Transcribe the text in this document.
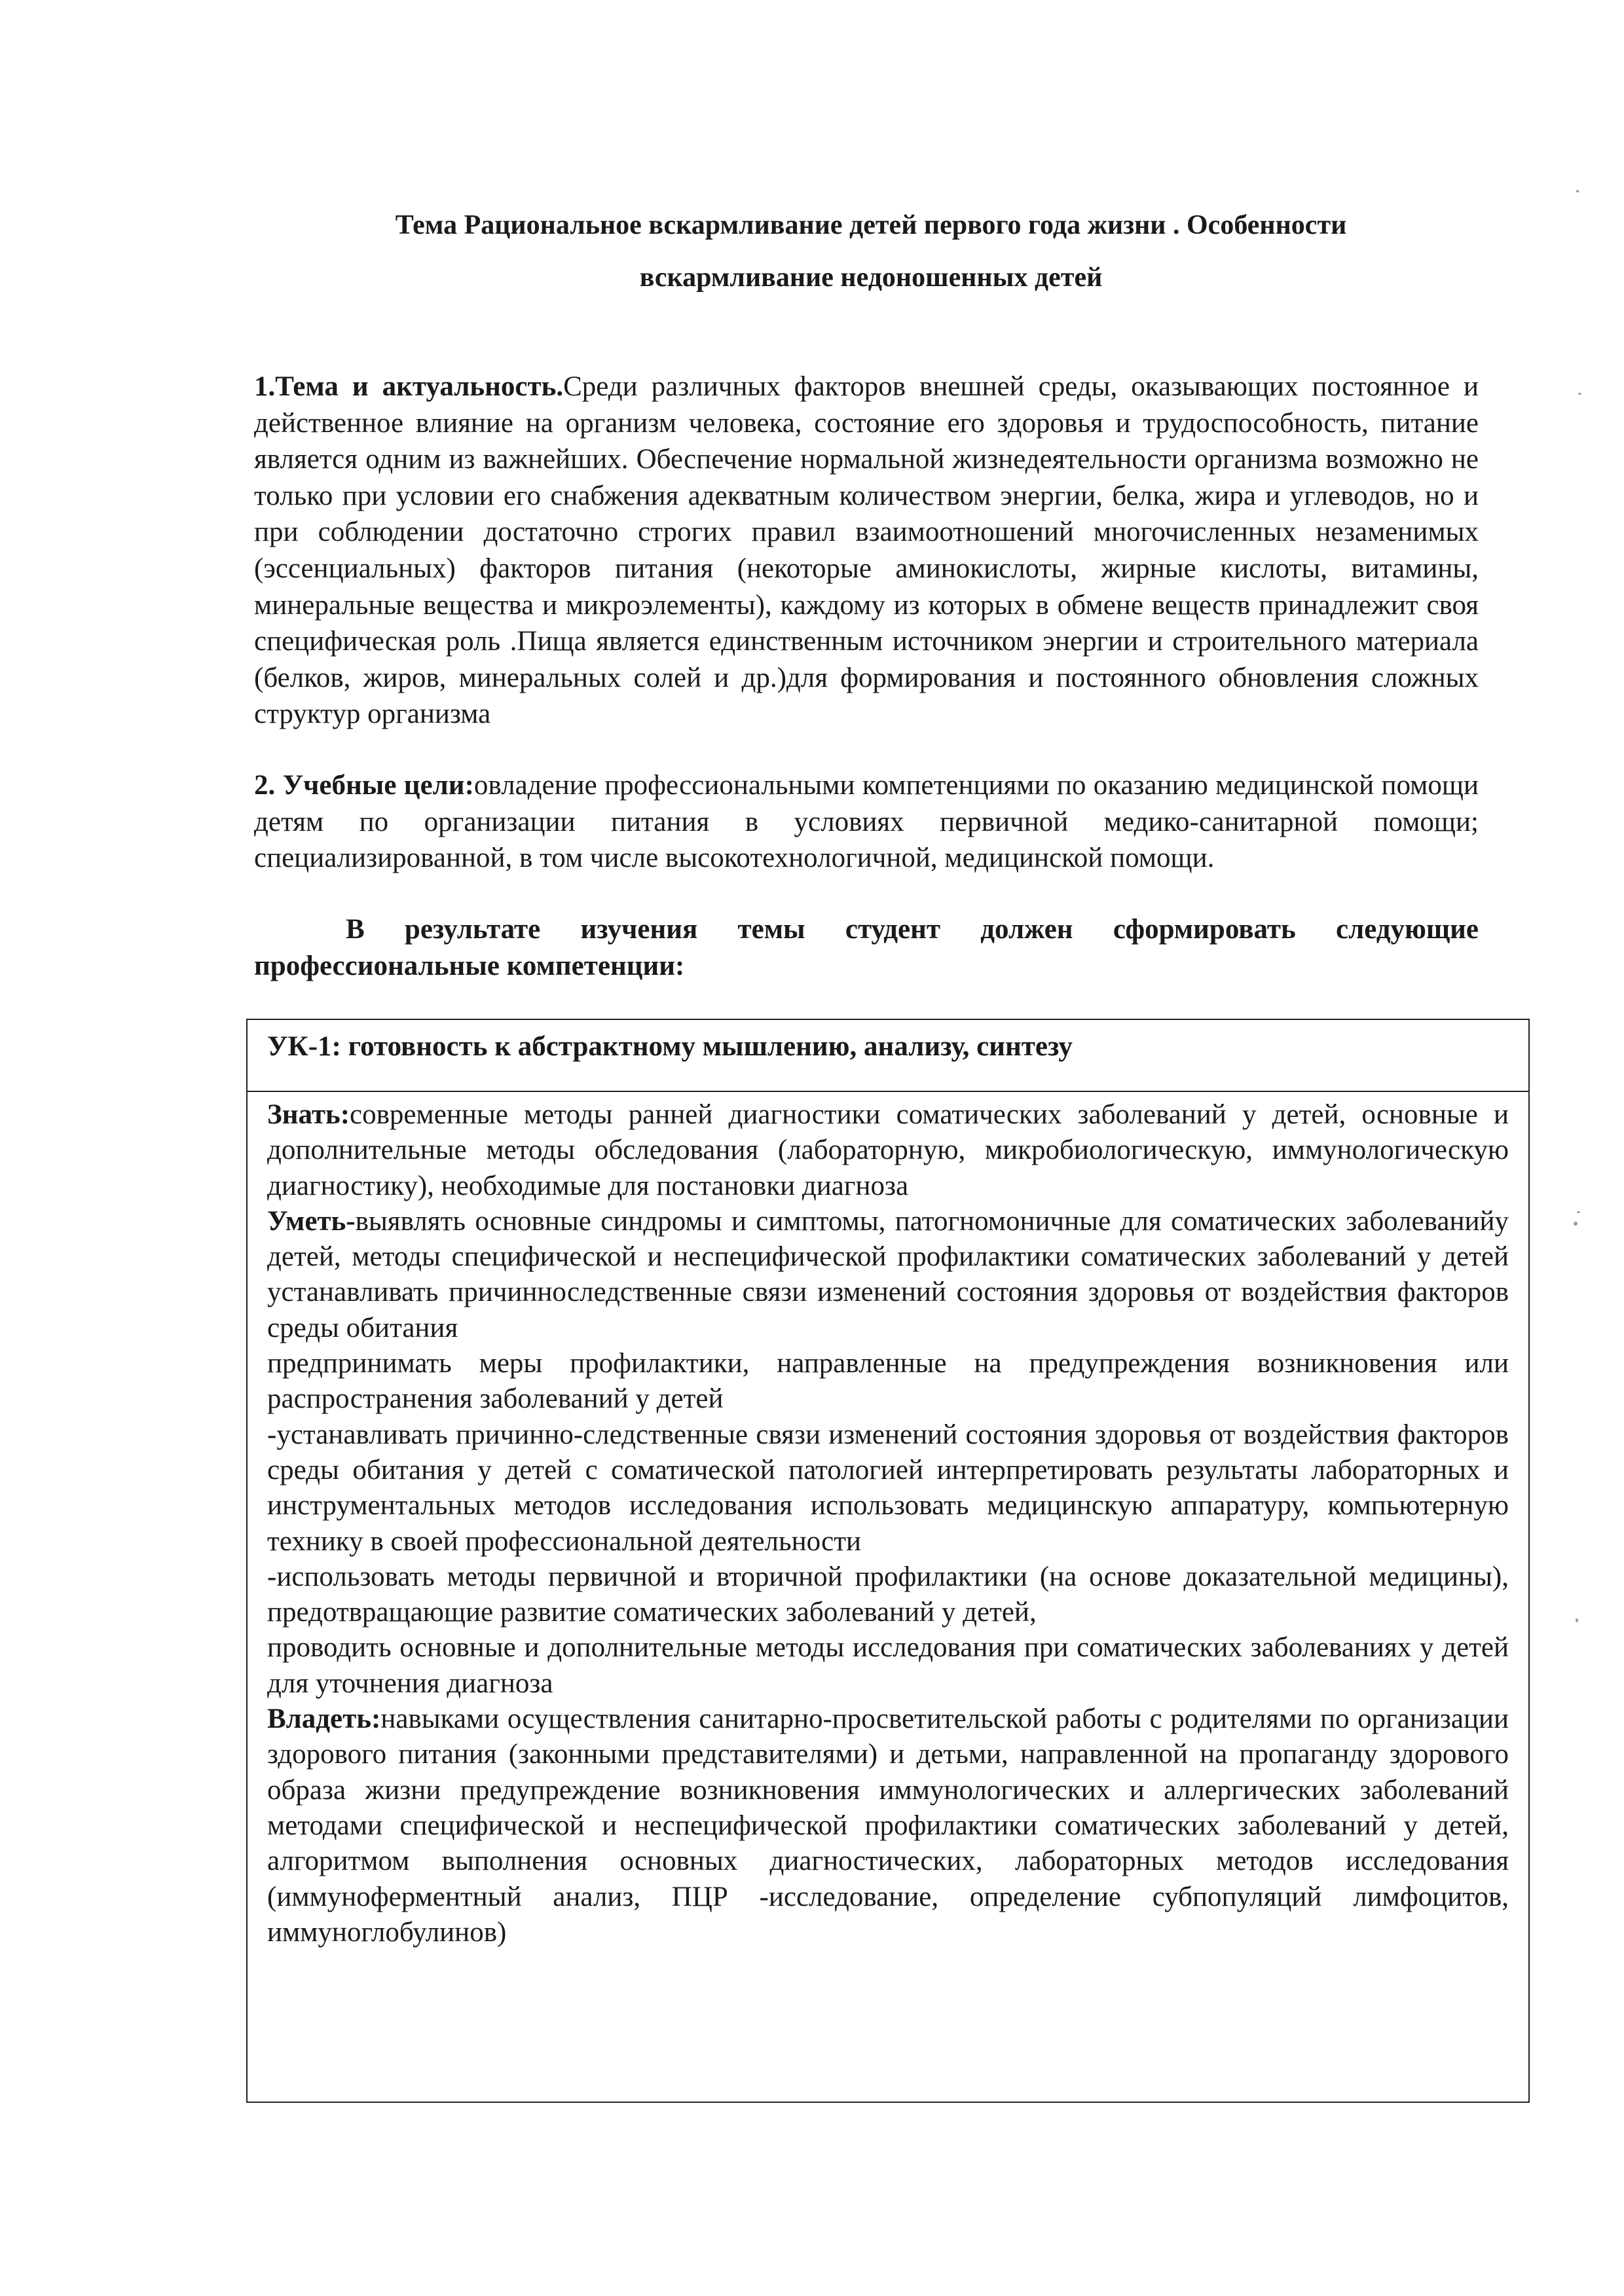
Тема Рациональное вскармливание детей первого года жизни . Особенности
вскармливание недоношенных детей
1.Тема и актуальность.Среди различных факторов внешней среды, оказывающих постоянное и действенное влияние на организм человека, состояние его здоровья и трудоспособность, питание является одним из важнейших. Обеспечение нормальной жизнедеятельности организма возможно не только при условии его снабжения адекватным количеством энергии, белка, жира и углеводов, но и при соблюдении достаточно строгих правил взаимоотношений многочисленных незаменимых (эссенциальных) факторов питания (некоторые аминокислоты, жирные кислоты, витамины, минеральные вещества и микроэлементы), каждому из которых в обмене веществ принадлежит своя специфическая роль .Пища является единственным источником энергии и строительного материала (белков, жиров, минеральных солей и др.)для формирования и постоянного обновления сложных структур организма
2. Учебные цели:овладение профессиональными компетенциями по оказанию медицинской помощи детям по организации питания в условиях первичной медико-санитарной помощи; специализированной, в том числе высокотехнологичной, медицинской помощи.
В результате изучения темы студент должен сформировать следующие профессиональные компетенции:
УК-1: готовность к абстрактному мышлению, анализу, синтезу

Знать:современные методы ранней диагностики соматических заболеваний у детей, основные и дополнительные методы обследования (лабораторную, микробиологическую, иммунологическую диагностику), необходимые для постановки диагноза

Уметь-выявлять основные синдромы и симптомы, патогномоничные для соматических заболеванийу детей, методы специфической и неспецифической профилактики соматических заболеваний у детей устанавливать причинноследственные связи изменений состояния здоровья от воздействия факторов среды обитания

предпринимать меры профилактики, направленные на предупреждения возникновения или распространения заболеваний у детей

-устанавливать причинно-следственные связи изменений состояния здоровья от воздействия факторов среды обитания у детей с соматической патологией интерпретировать результаты лабораторных и инструментальных методов исследования использовать медицинскую аппаратуру, компьютерную технику в своей профессиональной деятельности

-использовать методы первичной и вторичной профилактики (на основе доказательной медицины), предотвращающие развитие соматических заболеваний у детей,

проводить основные и дополнительные методы исследования при соматических заболеваниях у детей для уточнения диагноза

Владеть:навыками осуществления санитарно-просветительской работы с родителями по организации здорового питания (законными представителями) и детьми, направленной на пропаганду здорового образа жизни предупреждение возникновения иммунологических и аллергических заболеваний методами специфической и неспецифической профилактики соматических заболеваний у детей, алгоритмом выполнения основных диагностических, лабораторных методов исследования (иммуноферментный анализ, ПЦР -исследование, определение субпопуляций лимфоцитов, иммуноглобулинов)
